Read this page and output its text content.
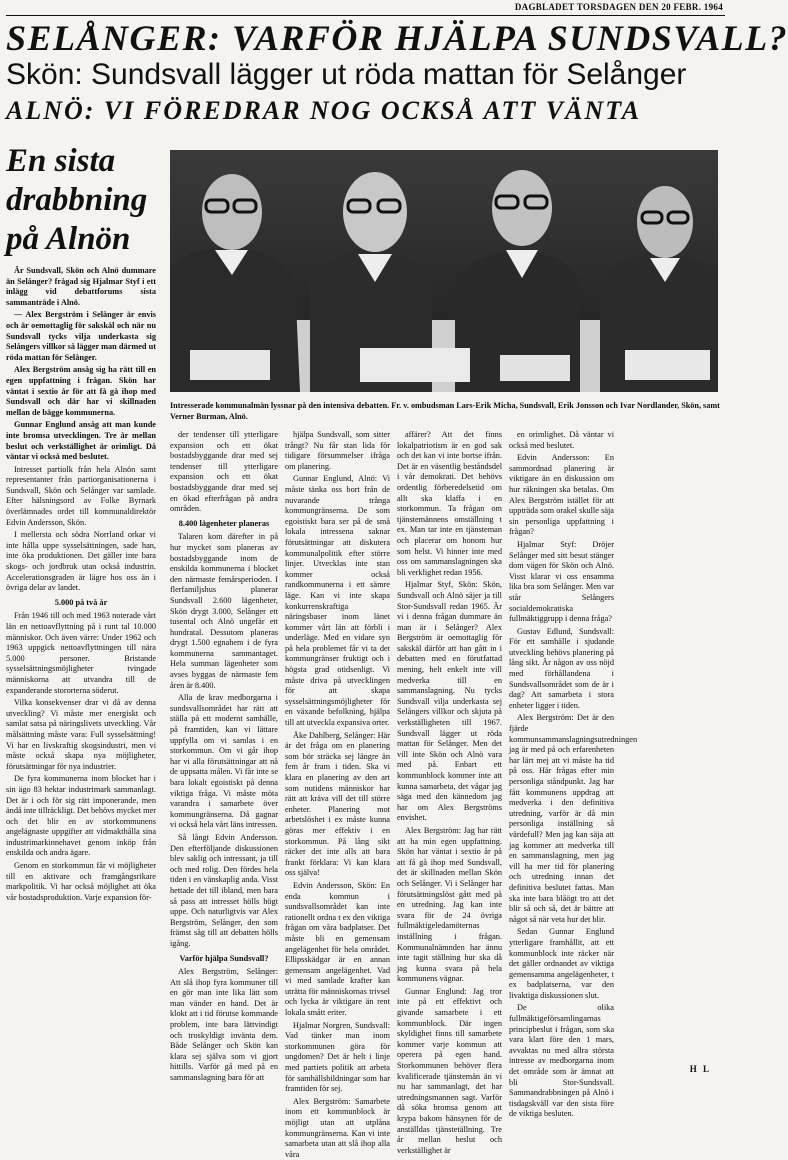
DAGBLADET TORSDAGEN DEN 20 FEBR. 1964
SELÅNGER: VARFÖR HJÄLPA SUNDSVALL?
Skön: Sundsvall lägger ut röda mattan för Selånger
ALNÖ: VI FÖREDRAR NOG OCKSÅ ATT VÄNTA
En sista
drabbning
på Alnön
Intresserade kommunalmän lyssnar på den intensiva debatten. Fr. v. ombudsman Lars-Erik Micha, Sundsvall, Erik Jonsson och Ivar Nordlander, Skön, samt Verner Burman, Alnö.

Är Sundsvall, Skön och Alnö dummare än Selånger? frågad sig Hjalmar Styf i ett inlägg vid debattforums sista sammanträde i Alnö.

— Alex Bergström i Selånger är envis och är oemottaglig för sakskäl och när nu Sundsvall tycks vilja underkasta sig Selångers villkor så lägger man därmed ut röda mattan för Selånger.

Alex Bergström ansåg sig ha rätt till en egen uppfattning i frågan. Skön har väntat i sextio år för att få gå ihop med Sundsvall och där har vi skillnaden mellan de bägge kommunerna.

Gunnar Englund ansåg att man kunde inte bromsa utvecklingen. Tre år mellan beslut och verkställighet är orimligt. Då väntar vi också med beslutet.

Intresset partiolk från hela Alnön samt representanter från partiorganisationerna i Sundsvall, Skön och Selånger var samlade. Efter hälsningsord av Folke Byrnark överlämnades ordet till kommunaldirektör Edvin Andersson, Skön.

I mellersta och södra Norrland orkar vi inte hålla uppe sysselsättningen, sade han, inte öka produktionen. Det gäller inte bara skogs- och jordbruk utan också industrin. Accelerationsgraden är lägre hos oss än i övriga delar av landet.

5.000 på två år

Från 1946 till och med 1963 noterade vårt län en nettoavflyttning på i runt tal 10.000 människor. Och även värre: Under 1962 och 1963 uppgick nettoavflyttningen till nära 5.000 personer. Bristande sysselsättningsmöjligheter tvingade människorna att utvandra till de expanderande stororterna söderut.

Vilka konsekvenser drar vi då av denna utveckling? Vi måste mer energiskt och samlat satsa på näringslivets utveckling. Vår målsättning måste vara: Full sysselsättning! Vi har en livskraftig skogsindustri, men vi måste också skapa nya möjligheter, förutsättningar för nya industrier.

De fyra kommunerna inom blocket har i sin ägo 83 hektar industrimark sammanlagt. Det är i och för sig rätt imponerande, men ändå inte tillräckligt. Det behövs mycket mer och det blir en av storkommunens angelägnaste uppgifter att vidmakthålla sina industrimarkinnehavet genom inköp från enskilda och andra ägare.

Genom en storkommun får vi möjligheter till en aktivare och framgångsrikare markpolitik. Vi har också möjlighet att öka vår bostadsproduktion. Varje expansion för-

der tendenser till ytterligare expansion och ett ökat bostadsbyggande drar med sej tendenser till ytterligare expansion och ett ökat bostadsbyggande drar med sej en ökad efterfrågan på andra områden.

8.400 lägenheter planeras

Talaren kom därefter in på hur mycket som planeras av bostadsbyggande inom de enskilda kommunerna i blocket den närmaste femårsperioden. I flerfamiljshus planerar Sundsvall 2.600 lägenheter, Skön drygt 3.000, Selånger ett tusental och Alnö ungefär ett hundratal. Dessutom planeras drygt 1.500 egnahem i de fyra kommunerna sammantaget. Hela summan lägenheter som avses byggas de närmaste fem åren är 8.400.

Alla de krav medborgarna i sundsvallsområdet har rätt att ställa på ett modernt samhälle, på framtiden, kan vi lättare uppfylla om vi samlas i en storkommun. Om vi går ihop har vi alla förutsättningar att nå de uppsatta målen. Vi får inte se bara lokalt egoistiskt på denna viktiga fråga. Vi måste möta varandra i samarbete över kommungränserna. Då gagnar vi också hela vårt läns intressen.

Så långt Edvin Andersson. Den efterföljande diskussionen blev saklig och intressant, ja till och med rolig. Den fördes hela tiden i en vänskaplig anda. Visst hettade det till ibland, men bara så pass att intresset hölls högt uppe. Och naturligtvis var Alex Bergström, Selånger, den som främst såg till att debatten hölls igång.

Varför hjälpa Sundsvall?

Alex Bergström, Selånger: Att slå ihop fyra kommuner till en gör man inte lika lätt som man vänder en hand. Det är klokt att i tid förutse kommande problem, inte bara lättvindigt och troskyldigt invänta dem. Både Selånger och Skön kan klara sej själva som vi gjort hittills. Varför gå med på en sammanslagning bara för att

hjälpa Sundsvall, som sitter trångt? Nu får stan lida för tidigare försummelser ifråga om planering.

Gunnar Englund, Alnö: Vi måste tänka oss bort från de nuvarande trånga kommungränserna. De som egoistiskt bara ser på de små lokala intressena saknar förutsättningar att diskutera kommunalpolitik efter större linjer. Utvecklas inte stan kommer också randkommunerna i ett sämre läge. Kan vi inte skapa konkurrenskraftiga näringsbaser inom länet kommer vårt län att förbli i underläge. Med en vidare syn på hela problemet får vi ta det kommungränser fruktigt och i högsta grad otidsenligt. Vi måste driva på utvecklingen för att skapa sysselsättningsmöjligheter för en växande befolkning, hjälpa till att utveckla expansiva orter.

Åke Dahlberg, Selånger: Här är det fråga om en planering som bör sträcka sej längre än fem år fram i tiden. Ska vi klara en planering av den art som nutidens människor har rätt att kräva vill det till större enheter. Planering mot arbetslöshet i ex måste kunna göras mer effektiv i en storkommun. På lång sikt räcker det inte alls att bara frankt förklara: Vi kan klara oss själva!

Edvin Andersson, Skön: En enda kommun i sundsvallsområdet kan inte rationellt ordna t ex den viktiga frågan om våra badplatser. Det måste bli en gemensam angelägenhet för hela området. Ellipsskädgar är en annan gemensam angelägenhet. Vad vi med samlade krafter kan uträtta för människornas trivsel och lycka är viktigare än rent lokala smått eriter.

Hjalmar Norgren, Sundsvall: Vad tänker man inom storkommunen göra för ungdomen? Det är helt i linje med partiets politik att arbeta för samhällsbildningar som har framtiden för sej.

Alex Bergström: Samarbete inom ett kommunblock är möjligt utan att utplåna kommungränserna. Kan vi inte samarbeta utan att slå ihop alla våra

affärer? Att det finns lokalpatriotism är en god sak och det kan vi inte bortse ifrån. Det är en väsentlig beståndsdel i vår demokrati. Det behövs ordentlig förberedelsetid om allt ska klaffa i en storkommun. Ta frågan om tjänstemännens omställning t ex. Man tar inte en tjänsteman och placerar om honom hur som helst. Vi hinner inte med oss om sammanslagningen ska bli verklighet redan 1956.

Hjalmar Styf, Skön: Skön, Sundsvall och Alnö säjer ja till Stor-Sundsvall redan 1965. Är vi i denna frågan dummare än man är i Selånger? Alex Bergström är oemottaglig för sakskäl därför att han gått in i debatten med en förutfattad mening, helt enkelt inte vill medverka till en sammanslagning. Nu tycks Sundsvall vilja underkasta sej Selångers villkor och skjuta på verkställigheten till 1967. Sundsvall lägger ut röda mattan för Selånger. Men det vill inte Skön och Alnö vara med på. Enbart ett kommunblock kommer inte att kunna samarbeta, det vågar jag säga med den kännedom jag har om Alex Bergströms envishet.

Alex Bergström: Jag har rätt att ha min egen uppfattning. Skön har väntat i sextio år på att få gå ihop med Sundsvall, det är skillnaden mellan Skön och Selånger. Vi i Selånger har förutsättningslöst gått med på en utredning. Jag kan inte svara för de 24 övriga fullmäktigeledamöternas inställning i frågan. Kommunalnämnden har ännu inte tagit ställning hur ska då jag kunna svara på hela kommunens vägnar.

Gunnar Englund: Jag tror inte på ett effektivt och givande samarbete i ett kommunblock. Där ingen skyldighet finns till samarbete kommer varje kommun att operera på egen hand. Storkommunen behöver flera kvalificerade tjänstemän än vi nu har sammanlagt, det har utredningsmannen sagt. Varför då söka bromsa genom att krypa bakom hänsynen för de anställdas tjänstetällning. Tre år mellan beslut och verkställighet är

en orimlighet. Då väntar vi också med beslutet.

Edvin Andersson: En sammordnad planering är viktigare än en diskussion om hur räkningen ska betalas. Om Alex Bergström istället för att uppträda som orakel skulle säja sin personliga uppfattning i frågan?

Hjalmar Styf: Dröjer Selånger med sitt besut stänger dom vägen för Skön och Alnö. Visst klarar vi oss ensamma lika bra som Selånger. Men var står Selångers socialdemokratiska fullmäktiggrupp i denna fråga?

Gustav Edlund, Sundsvall: För ett samhälle i sjudande utveckling behövs planering på lång sikt. Är någon av oss nöjd med förhållandena i Sundsvallsområdet som de är i dag? Att samarbeta i stora enheter ligger i tiden.

Alex Bergström: Det är den fjärde kommunsammanslagningsutredningen jag är med på och erfarenheten har lärt mej att vi måste ha tid på oss. Här frågas efter min personliga ståndpunkt. Jag har fått kommunens uppdrag att medverka i den definitiva utredning, varför är då min personliga inställning så värdefull? Men jag kan säja att jag kommer att medverka till en sammanslagning, men jag vill ha mer tid för planering och utredning innan det definitiva beslutet fattas. Man ska inte bara blåögt tro att det blir så och så, det är bättre att något så när veta hur det blir.

Sedan Gunnar Englund ytterligare framhållit, att ett kommunblock inte räcker när det gäller ordnandet av viktiga gemensamma angelägenheter, t ex badplatserna, var den livaktiga diskussionen slut.

De olika fullmäktigeförsamlingarnas principbeslut i frågan, som ska vara klart före den 1 mars, avvaktas nu med allra största intresse av medborgarna inom det område som är ämnat att bli Stor-Sundsvall. Sammandrabbningen på Alnö i tisdagskväll var den sista före de viktiga besluten.

H L
